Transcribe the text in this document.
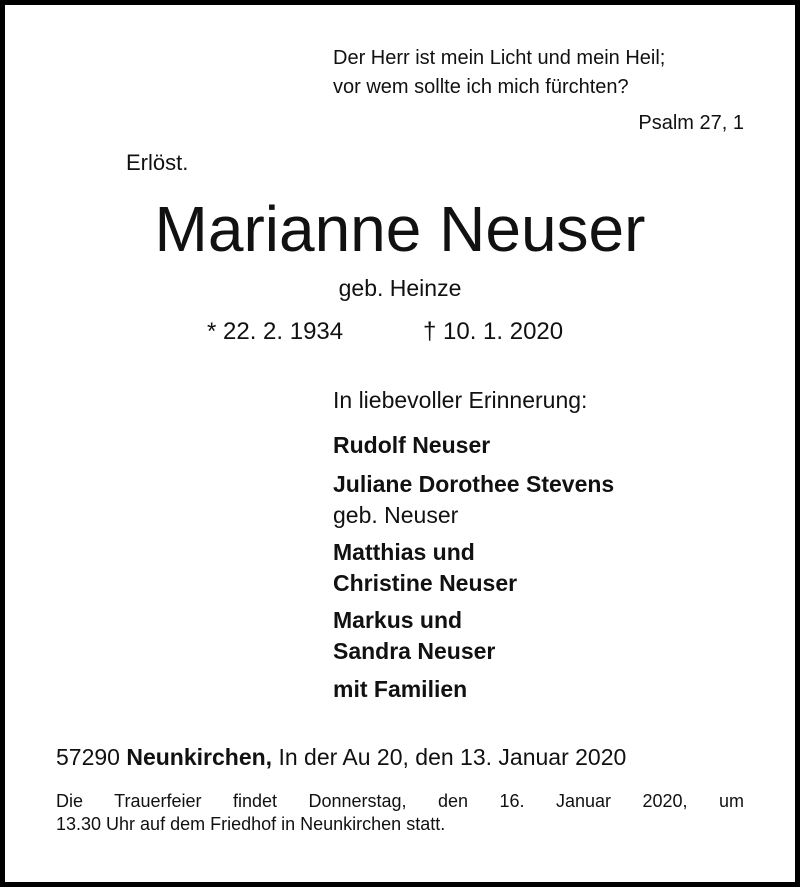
Der Herr ist mein Licht und mein Heil;
vor wem sollte ich mich fürchten?
Psalm 27, 1
Erlöst.
Marianne Neuser
geb. Heinze
* 22. 2. 1934	† 10. 1. 2020
In liebevoller Erinnerung:
Rudolf Neuser
Juliane Dorothee Stevens
geb. Neuser
Matthias und
Christine Neuser
Markus und
Sandra Neuser
mit Familien
57290 Neunkirchen, In der Au 20, den 13. Januar 2020
Die Trauerfeier findet Donnerstag, den 16. Januar 2020, um
13.30 Uhr auf dem Friedhof in Neunkirchen statt.
